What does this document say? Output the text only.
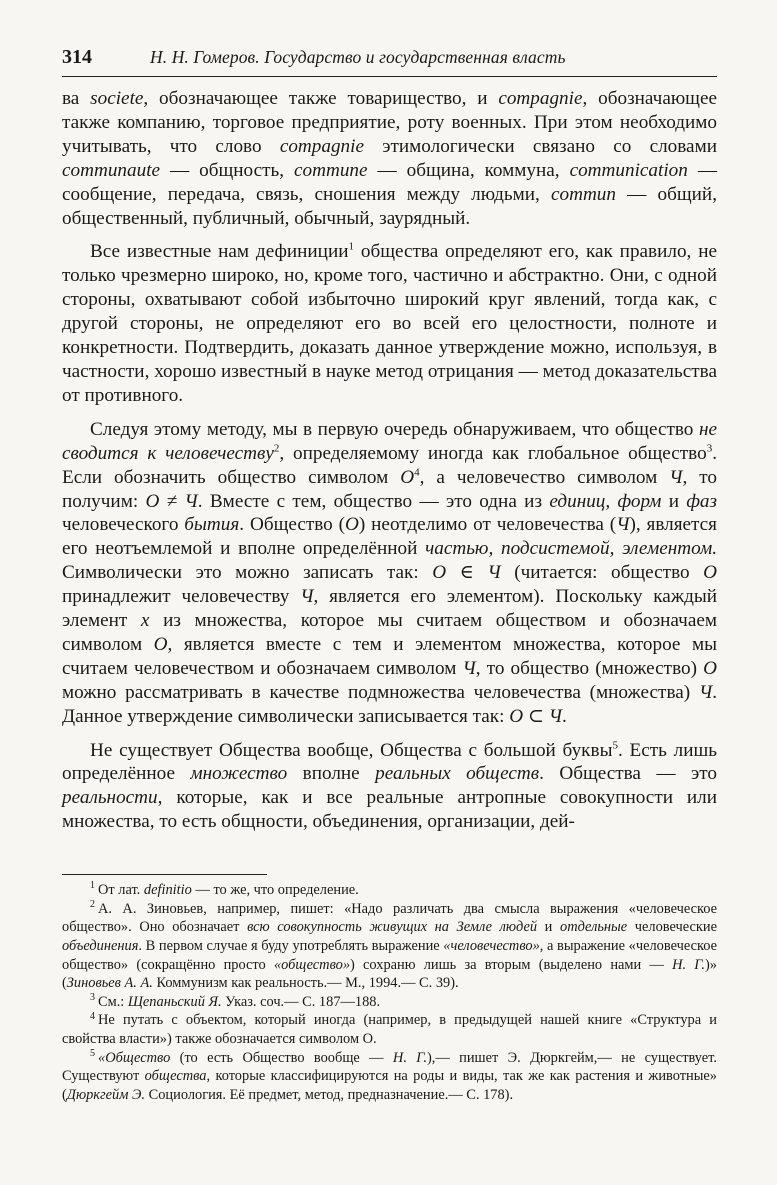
314	Н. Н. Гомеров. Государство и государственная власть

ва societe, обозначающее также товарищество, и compagnie, обозначающее также компанию, торговое предприятие, роту военных. При этом необходимо учитывать, что слово compagnie этимологически связано со словами communaute — общность, commune — община, коммуна, communication — сообщение, передача, связь, сношения между людьми, commun — общий, общественный, публичный, обычный, заурядный.

Все известные нам дефиниции$^1$ общества определяют его, как правило, не только чрезмерно широко, но, кроме того, частично и абстрактно. Они, с одной стороны, охватывают собой избыточно широкий круг явлений, тогда как, с другой стороны, не определяют его во всей его целостности, полноте и конкретности. Подтвердить, доказать данное утверждение можно, используя, в частности, хорошо известный в науке метод отрицания — метод доказательства от противного.

Следуя этому методу, мы в первую очередь обнаруживаем, что общество не сводится к человечеству$^2$, определяемому иногда как глобальное общество$^3$. Если обозначить общество символом $О^4$, а человечество символом Ч, то получим: О ≠ Ч. Вместе с тем, общество — это одна из единиц, форм и фаз человеческого бытия. Общество (О) неотделимо от человечества (Ч), является его неотъемлемой и вполне определённой частью, подсистемой, элементом. Символически это можно записать так: О ∈ Ч (читается: общество О принадлежит человечеству Ч, является его элементом). Поскольку каждый элемент х из множества, которое мы считаем обществом и обозначаем символом О, является вместе с тем и элементом множества, которое мы считаем человечеством и обозначаем символом Ч, то общество (множество) О можно рассматривать в качестве подмножества человечества (множества) Ч. Данное утверждение символически записывается так: О ⊂ Ч.

Не существует Общества вообще, Общества с большой буквы$^5$. Есть лишь определённое множество вполне реальных обществ. Общества — это реальности, которые, как и все реальные антропные совокупности или множества, то есть общности, объединения, организации, дей-

$^1$ От лат. definitio — то же, что определение.

$^2$ А. А. Зиновьев, например, пишет: «Надо различать два смысла выражения «человеческое общество». Оно обозначает всю совокупность живущих на Земле людей и отдельные человеческие объединения. В первом случае я буду употреблять выражение «человечество», а выражение «человеческое общество» (сокращённо просто «общество») сохраню лишь за вторым (выделено нами — Н. Г.)» (Зиновьев А. А. Коммунизм как реальность.— М., 1994.— С. 39).

$^3$ См.: Щепаньский Я. Указ. соч.— С. 187—188.

$^4$ Не путать с объектом, который иногда (например, в предыдущей нашей книге «Структура и свойства власти») также обозначается символом О.

$^5$ «Общество (то есть Общество вообще — Н. Г.),— пишет Э. Дюркгейм,— не существует. Существуют общества, которые классифицируются на роды и виды, так же как растения и животные» (Дюркгейм Э. Социология. Её предмет, метод, предназначение.— С. 178).
